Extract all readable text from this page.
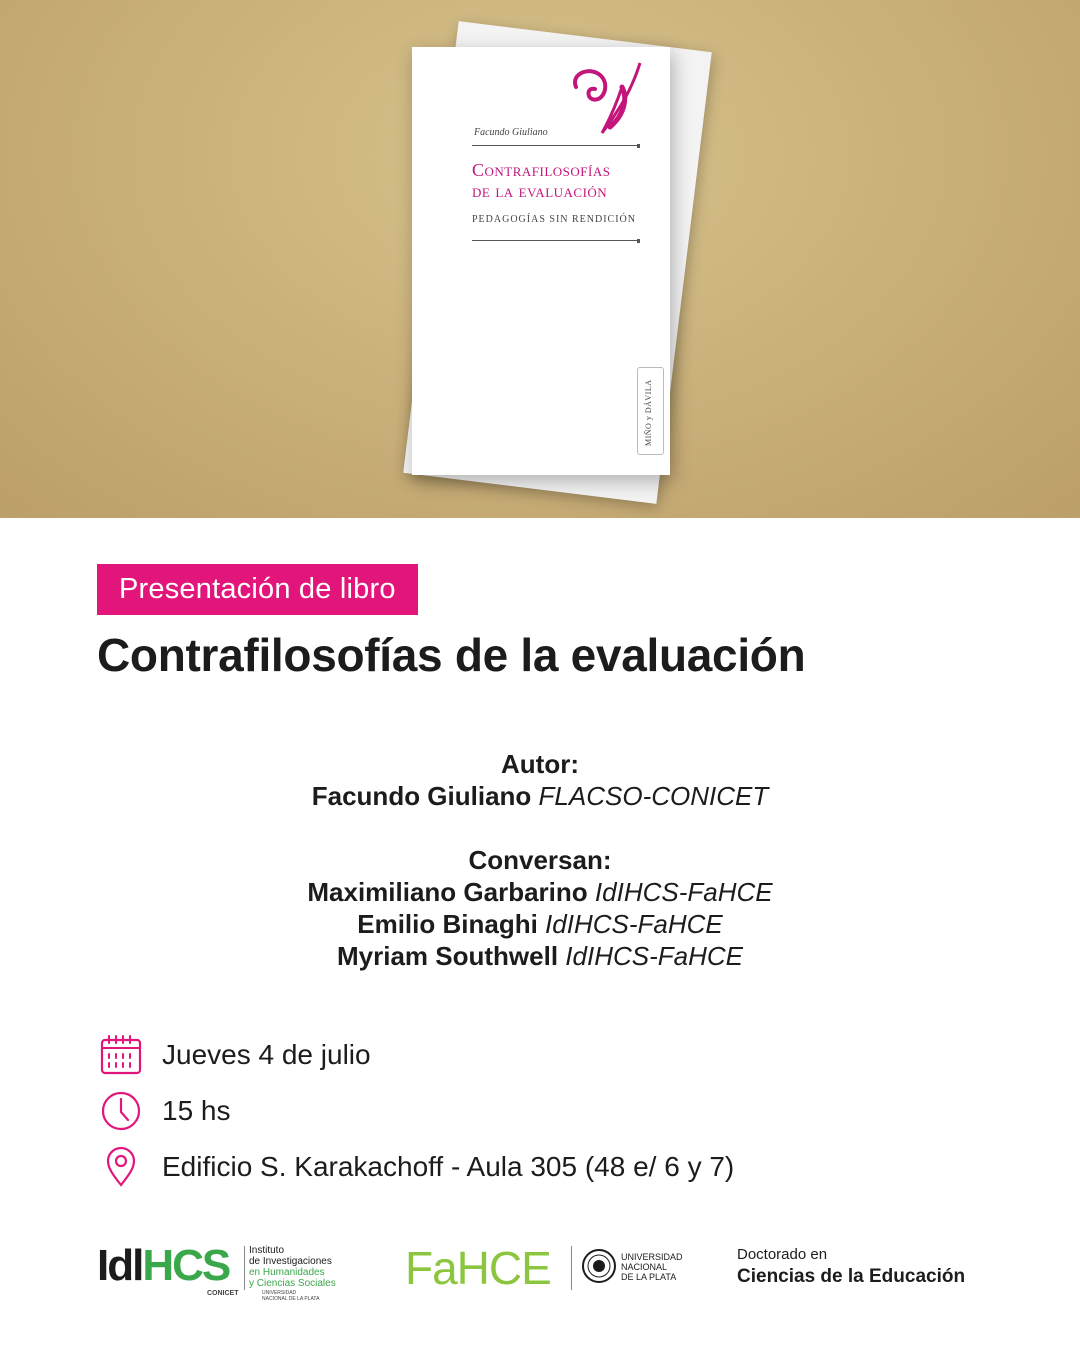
Facundo Giuliano
Contrafilosofías
de la evaluación
PEDAGOGÍAS SIN RENDICIÓN
MIÑO y DÁVILA
Presentación de libro
Contrafilosofías de la evaluación
Autor:
Facundo Giuliano FLACSO-CONICET
Conversan:
Maximiliano Garbarino IdIHCS-FaHCE
Emilio Binaghi IdIHCS-FaHCE
Myriam Southwell IdIHCS-FaHCE
Jueves 4 de julio
15 hs
Edificio S. Karakachoff - Aula 305 (48 e/ 6 y 7)
IdlHCS Instituto
de Investigaciones
en Humanidades
y Ciencias Sociales
CONICET	UNIVERSIDAD NACIONAL DE LA PLATA
FaHCE	UNIVERSIDAD
NACIONAL
DE LA PLATA
Doctorado en
Ciencias de la Educación
